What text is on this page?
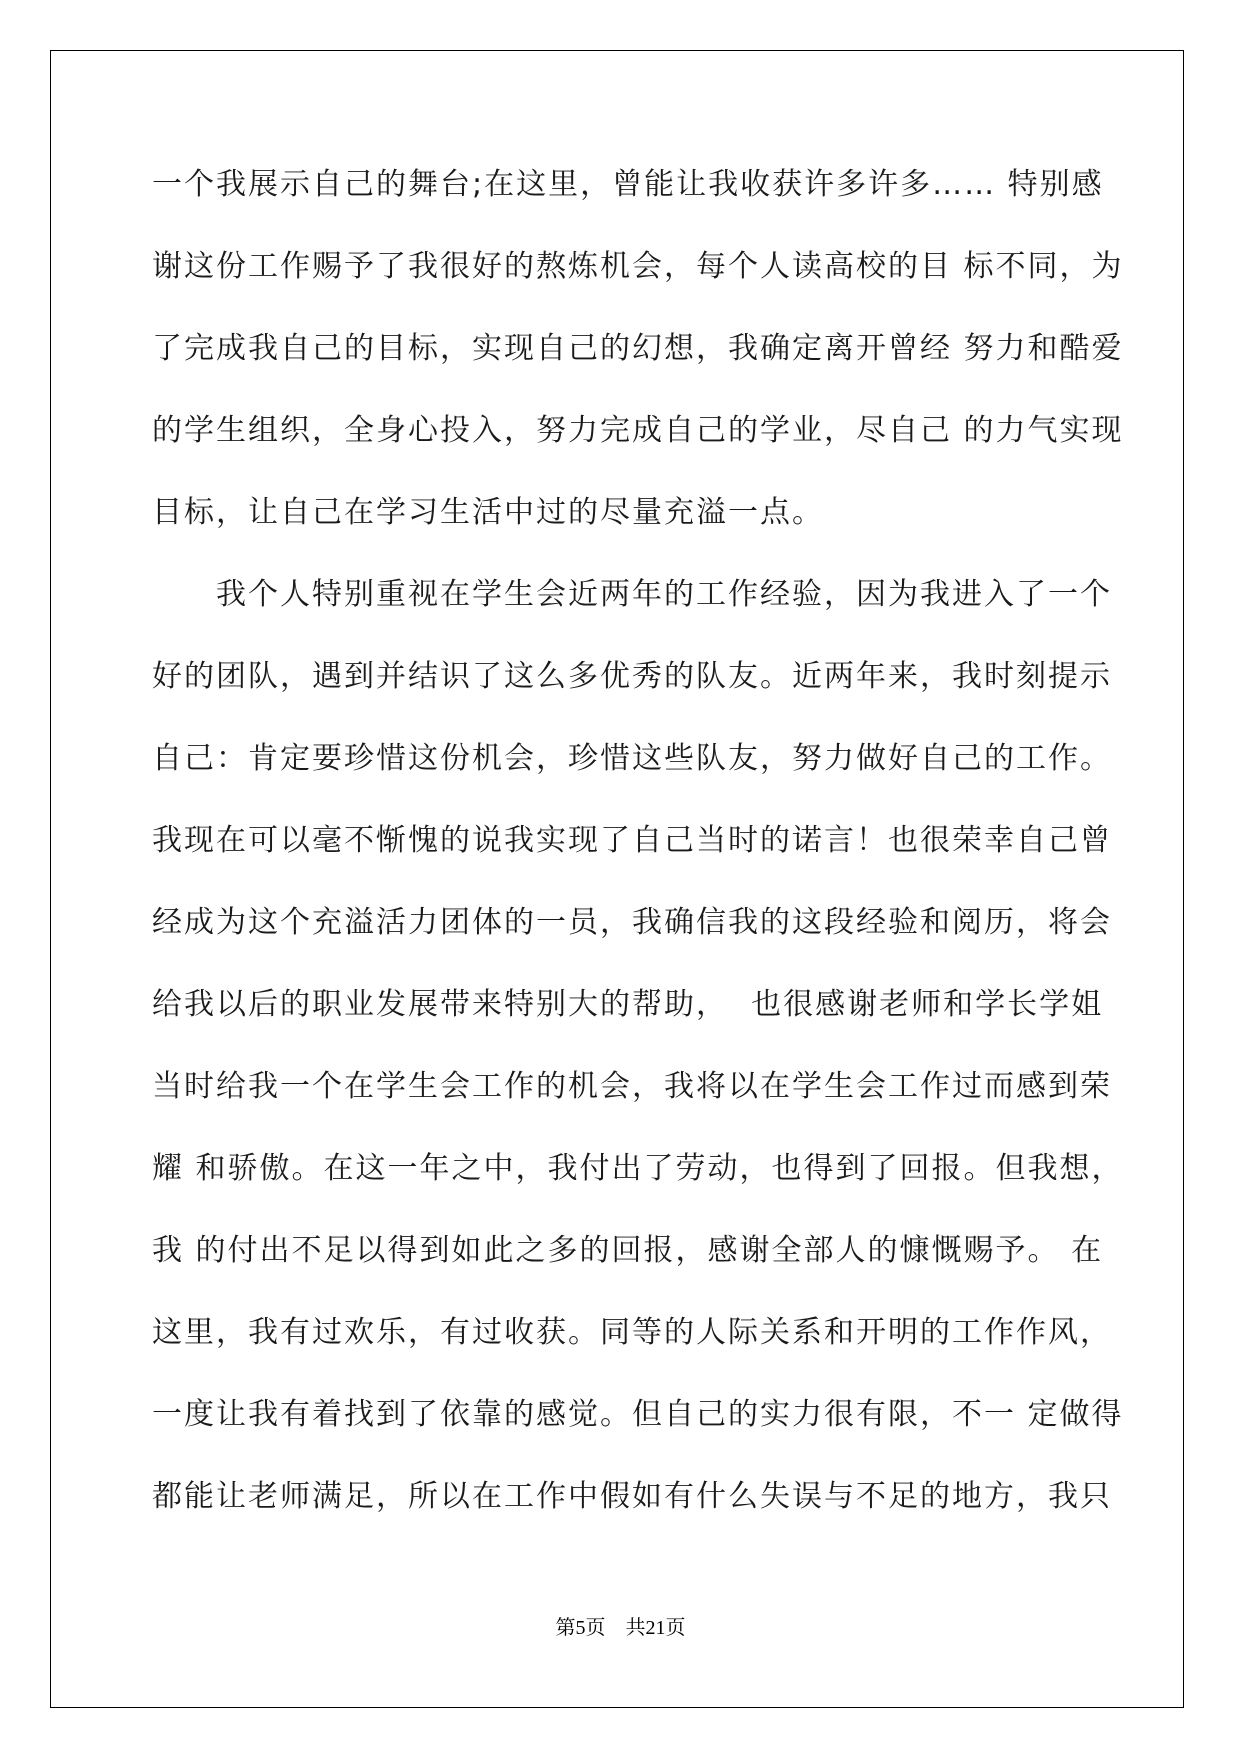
一个我展示自己的舞台;在这里，曾能让我收获许多许多…… 特别感
谢这份工作赐予了我很好的熬炼机会，每个人读高校的目 标不同，为
了完成我自己的目标，实现自己的幻想，我确定离开曾经 努力和酷爱
的学生组织，全身心投入，努力完成自己的学业，尽自己 的力气实现
目标，让自己在学习生活中过的尽量充溢一点。
　　我个人特别重视在学生会近两年的工作经验，因为我进入了一个
好的团队，遇到并结识了这么多优秀的队友。近两年来，我时刻提示
自己：肯定要珍惜这份机会，珍惜这些队友，努力做好自己的工作。
我现在可以毫不惭愧的说我实现了自己当时的诺言！也很荣幸自己曾
经成为这个充溢活力团体的一员，我确信我的这段经验和阅历，将会
给我以后的职业发展带来特别大的帮助，  也很感谢老师和学长学姐
当时给我一个在学生会工作的机会，我将以在学生会工作过而感到荣
耀 和骄傲。在这一年之中，我付出了劳动，也得到了回报。但我想，
我 的付出不足以得到如此之多的回报，感谢全部人的慷慨赐予。 在
这里，我有过欢乐，有过收获。同等的人际关系和开明的工作作风，
一度让我有着找到了依靠的感觉。但自己的实力很有限，不一 定做得
都能让老师满足，所以在工作中假如有什么失误与不足的地方，我只
第5页 共21页
